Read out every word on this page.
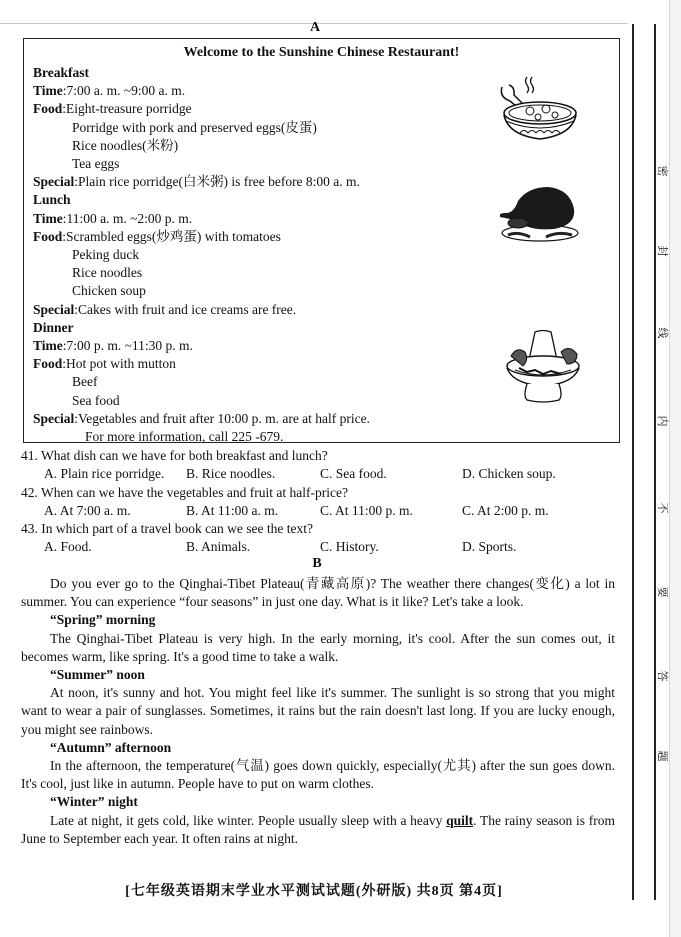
A
Welcome to the Sunshine Chinese Restaurant!
Breakfast
Time:7:00 a. m. ~9:00 a. m.
Food:Eight-treasure porridge
Porridge with pork and preserved eggs(皮蛋)
Rice noodles(米粉)
Tea eggs
Special:Plain rice porridge(白米粥) is free before 8:00 a. m.
Lunch
Time:11:00 a. m. ~2:00 p. m.
Food:Scrambled eggs(炒鸡蛋) with tomatoes
Peking duck
Rice noodles
Chicken soup
Special:Cakes with fruit and ice creams are free.
Dinner
Time:7:00 p. m. ~11:30 p. m.
Food:Hot pot with mutton
Beef
Sea food
Special:Vegetables and fruit after 10:00 p. m. are at half price.
For more information, call 225 -679.
41. What dish can we have for both breakfast and lunch?
A. Plain rice porridge. B. Rice noodles.	C. Sea food.	D. Chicken soup.
42. When can we have the vegetables and fruit at half-price?
A. At 7:00 a. m.	B. At 11:00 a. m.	C. At 11:00 p. m.	C. At 2:00 p. m.
43. In which part of a travel book can we see the text?
A. Food.	B. Animals.	C. History.	D. Sports.
B

Do you ever go to the Qinghai-Tibet Plateau(青藏高原)? The weather there changes(变化) a lot in summer. You can experience “four seasons” in just one day. What is it like? Let's take a look.

“Spring” morning

The Qinghai-Tibet Plateau is very high. In the early morning, it's cool. After the sun comes out, it becomes warm, like spring. It's a good time to take a walk.

“Summer” noon

At noon, it's sunny and hot. You might feel like it's summer. The sunlight is so strong that you might want to wear a pair of sunglasses. Sometimes, it rains but the rain doesn't last long. If you are lucky enough, you might see rainbows.

“Autumn” afternoon

In the afternoon, the temperature(气温) goes down quickly, especially(尤其) after the sun goes down. It's cool, just like in autumn. People have to put on warm clothes.

“Winter” night

Late at night, it gets cold, like winter. People usually sleep with a heavy quilt. The rainy season is from June to September each year. It often rains at night.

[七年级英语期末学业水平测试试题(外研版) 共8页 第4页]
密
封
线
内
不
要
答
题
